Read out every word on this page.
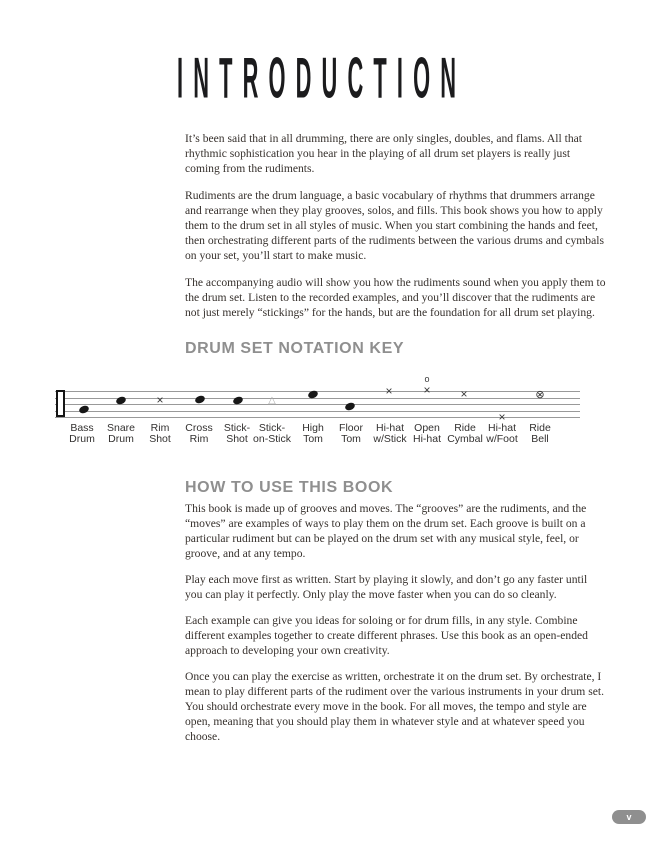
INTRODUCTION

It’s been said that in all drumming, there are only singles, doubles, and flams. All that rhythmic sophistication you hear in the playing of all drum set players is really just coming from the rudiments.

Rudiments are the drum language, a basic vocabulary of rhythms that drummers arrange and rearrange when they play grooves, solos, and fills. This book shows you how to apply them to the drum set in all styles of music. When you start combining the hands and feet, then orchestrating different parts of the rudiments between the various drums and cymbals on your set, you’ll start to make music.

The accompanying audio will show you how the rudiments sound when you apply them to the drum set. Listen to the recorded examples, and you’ll discover that the rudiments are not just merely “stickings” for the hands, but are the foundation for all drum set playing.

DRUM SET NOTATION KEY
×	△
×
o
× ×
×
⊗
Bass
Drum
Snare
Drum
Rim
Shot
Cross
Rim
Stick-
Shot
Stick-
on-Stick
High
Tom
Floor
Tom
Hi-hat
w/Stick
Open
Hi-hat
Ride
Cymbal
Hi-hat
w/Foot
Ride
Bell
HOW TO USE THIS BOOK

This book is made up of grooves and moves. The “grooves” are the rudiments, and the “moves” are examples of ways to play them on the drum set. Each groove is built on a particular rudiment but can be played on the drum set with any musical style, feel, or groove, and at any tempo.

Play each move first as written. Start by playing it slowly, and don’t go any faster until you can play it perfectly. Only play the move faster when you can do so cleanly.

Each example can give you ideas for soloing or for drum fills, in any style. Combine different examples together to create different phrases. Use this book as an open-ended approach to developing your own creativity.

Once you can play the exercise as written, orchestrate it on the drum set. By orchestrate, I mean to play different parts of the rudiment over the various instruments in your drum set. You should orchestrate every move in the book. For all moves, the tempo and style are open, meaning that you should play them in whatever style and at whatever speed you choose.

v
